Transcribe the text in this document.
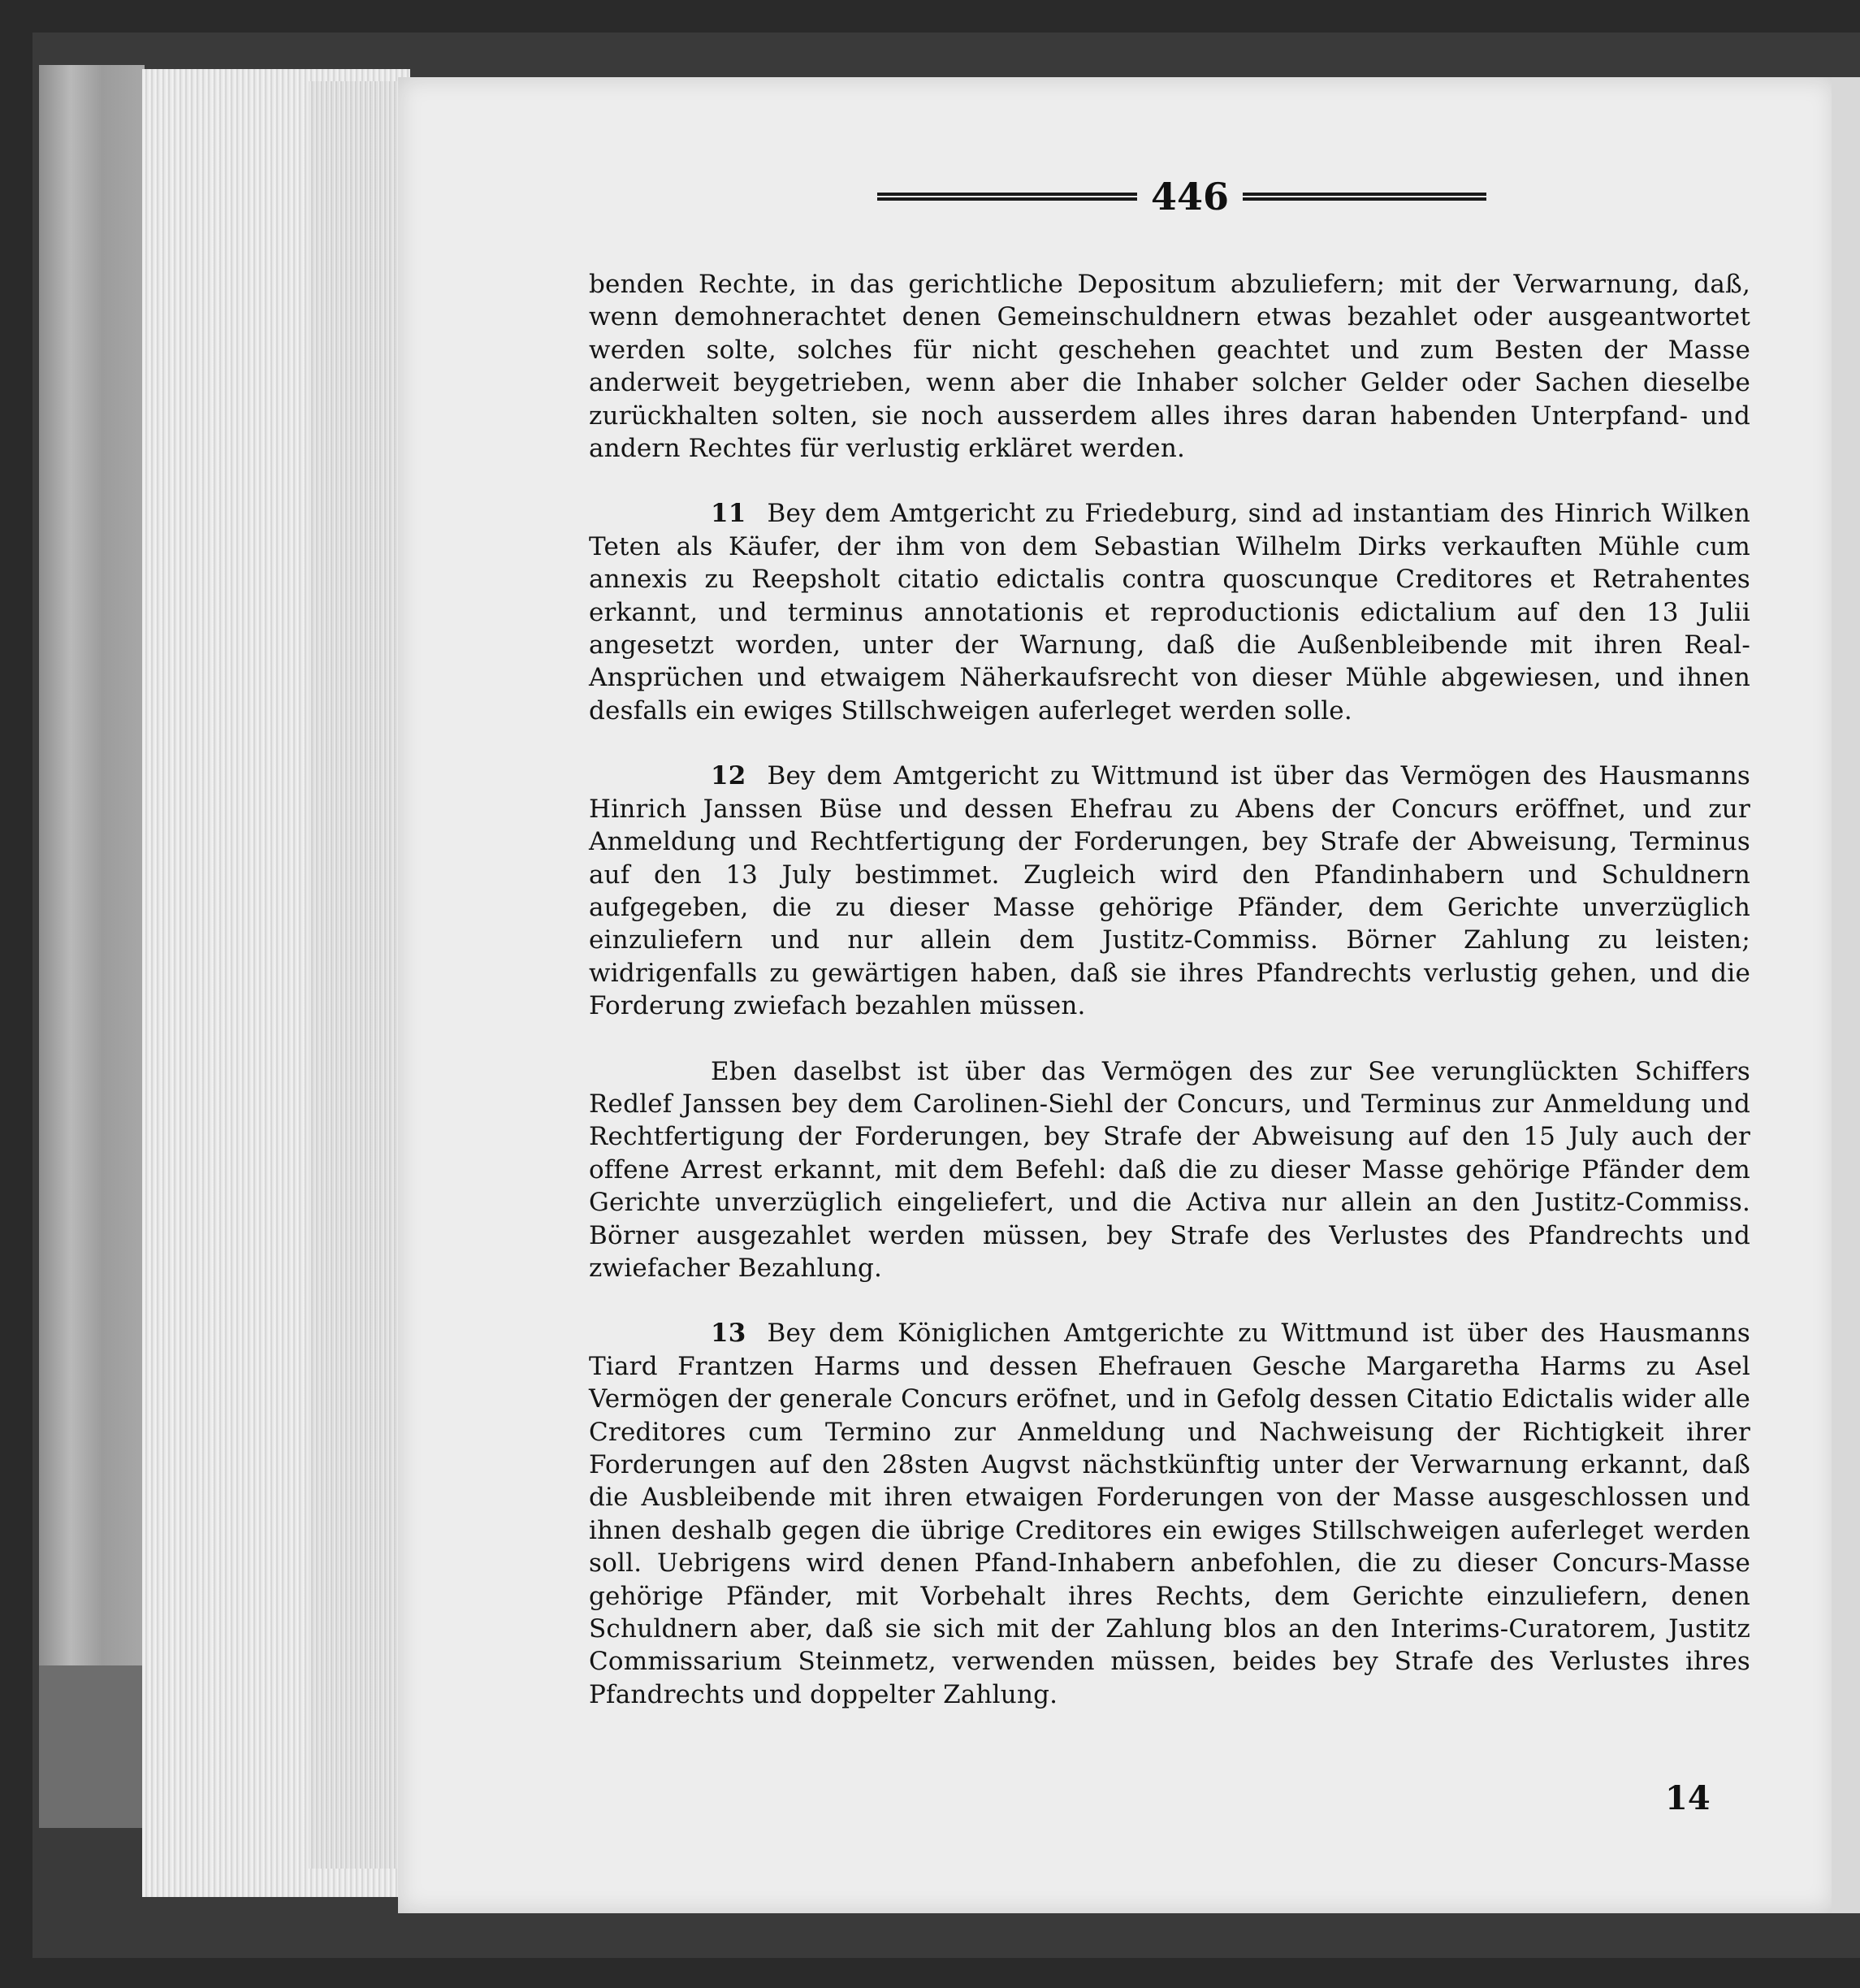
446

benden Rechte, in das gerichtliche Depositum abzuliefern; mit der Verwarnung, daß, wenn demohnerachtet denen Gemeinschuldnern etwas bezahlet oder ausgeantwortet werden solte, solches für nicht geschehen geachtet und zum Besten der Masse anderweit beygetrieben, wenn aber die Inhaber solcher Gelder oder Sachen dieselbe zurückhalten solten, sie noch ausserdem alles ihres daran habenden Unterpfand- und andern Rechtes für verlustig erkläret werden.

11 Bey dem Amtgericht zu Friedeburg, sind ad instantiam des Hinrich Wilken Teten als Käufer, der ihm von dem Sebastian Wilhelm Dirks verkauften Mühle cum annexis zu Reepsholt citatio edictalis contra quoscunque Creditores et Retrahentes erkannt, und terminus annotationis et reproductionis edictalium auf den 13 Julii angesetzt worden, unter der Warnung, daß die Außenbleibende mit ihren Real-Ansprüchen und etwaigem Näherkaufsrecht von dieser Mühle abgewiesen, und ihnen desfalls ein ewiges Stillschweigen auferleget werden solle.

12 Bey dem Amtgericht zu Wittmund ist über das Vermögen des Hausmanns Hinrich Janssen Büse und dessen Ehefrau zu Abens der Concurs eröffnet, und zur Anmeldung und Rechtfertigung der Forderungen, bey Strafe der Abweisung, Terminus auf den 13 July bestimmet. Zugleich wird den Pfandinhabern und Schuldnern aufgegeben, die zu dieser Masse gehörige Pfänder, dem Gerichte unverzüglich einzuliefern und nur allein dem Justitz-Commiss. Börner Zahlung zu leisten; widrigenfalls zu gewärtigen haben, daß sie ihres Pfandrechts verlustig gehen, und die Forderung zwiefach bezahlen müssen.

Eben daselbst ist über das Vermögen des zur See verunglückten Schiffers Redlef Janssen bey dem Carolinen-Siehl der Concurs, und Terminus zur Anmeldung und Rechtfertigung der Forderungen, bey Strafe der Abweisung auf den 15 July auch der offene Arrest erkannt, mit dem Befehl: daß die zu dieser Masse gehörige Pfänder dem Gerichte unverzüglich eingeliefert, und die Activa nur allein an den Justitz-Commiss. Börner ausgezahlet werden müssen, bey Strafe des Verlustes des Pfandrechts und zwiefacher Bezahlung.

13 Bey dem Königlichen Amtgerichte zu Wittmund ist über des Hausmanns Tiard Frantzen Harms und dessen Ehefrauen Gesche Margaretha Harms zu Asel Vermögen der generale Concurs eröfnet, und in Gefolg dessen Citatio Edictalis wider alle Creditores cum Termino zur Anmeldung und Nachweisung der Richtigkeit ihrer Forderungen auf den 28sten Augvst nächstkünftig unter der Verwarnung erkannt, daß die Ausbleibende mit ihren etwaigen Forderungen von der Masse ausgeschlossen und ihnen deshalb gegen die übrige Creditores ein ewiges Stillschweigen auferleget werden soll. Uebrigens wird denen Pfand-Inhabern anbefohlen, die zu dieser Concurs-Masse gehörige Pfänder, mit Vorbehalt ihres Rechts, dem Gerichte einzuliefern, denen Schuldnern aber, daß sie sich mit der Zahlung blos an den Interims-Curatorem, Justitz Commissarium Steinmetz, verwenden müssen, beides bey Strafe des Verlustes ihres Pfandrechts und doppelter Zahlung.

14
